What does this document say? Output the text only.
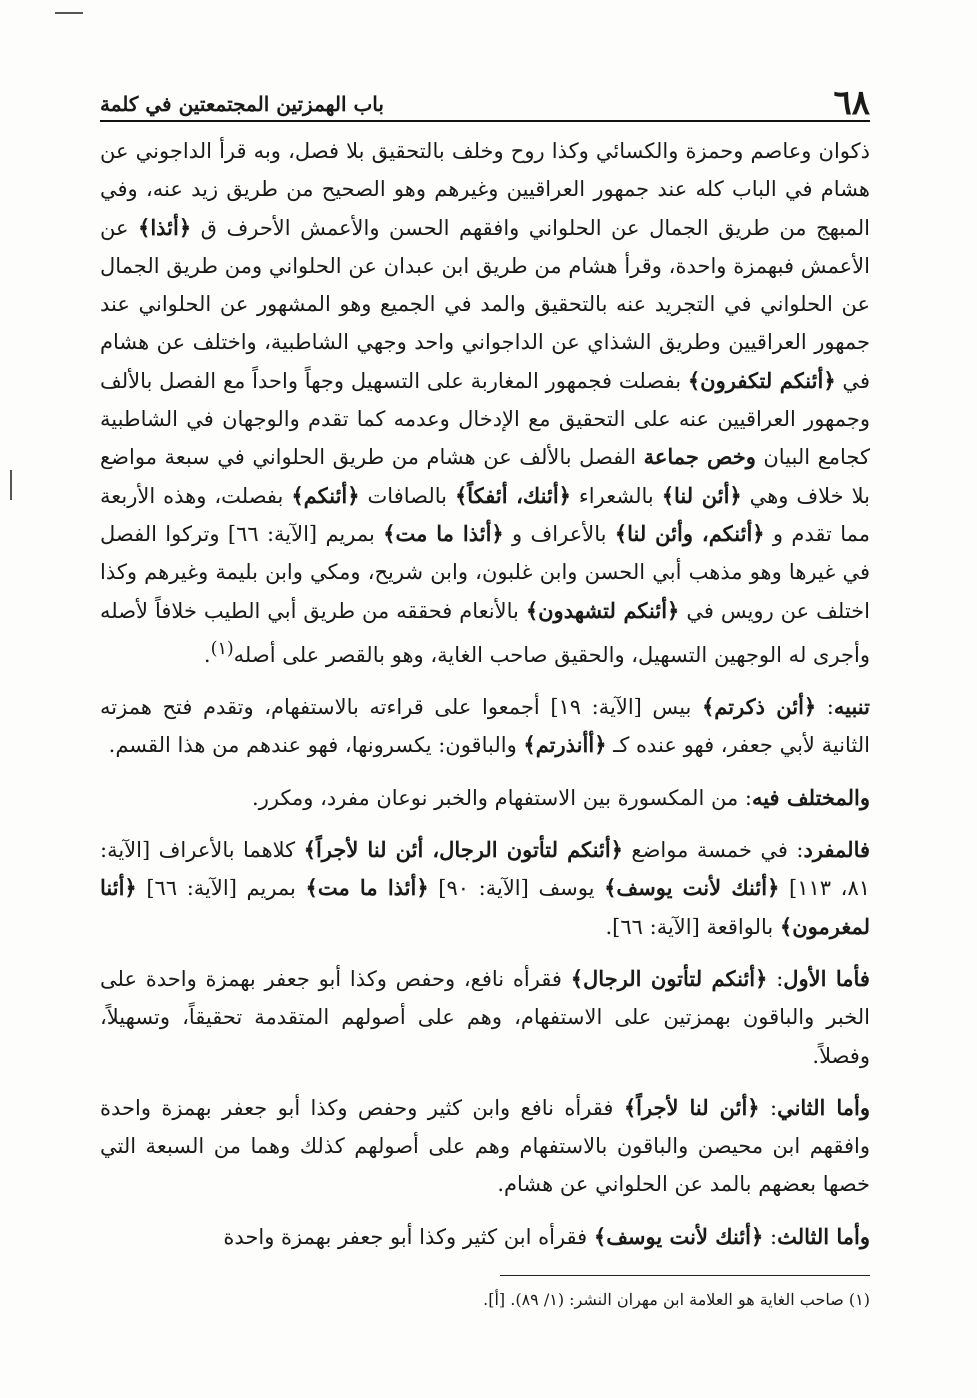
٦٨
باب الهمزتين المجتمعتين في كلمة

ذكوان وعاصم وحمزة والكسائي وكذا روح وخلف بالتحقيق بلا فصل، وبه قرأ الداجوني عن هشام في الباب كله عند جمهور العراقيين وغيرهم وهو الصحيح من طريق زيد عنه، وفي المبهج من طريق الجمال عن الحلواني وافقهم الحسن والأعمش الأحرف ق ﴿أئذا﴾ عن الأعمش فبهمزة واحدة، وقرأ هشام من طريق ابن عبدان عن الحلواني ومن طريق الجمال عن الحلواني في التجريد عنه بالتحقيق والمد في الجميع وهو المشهور عن الحلواني عند جمهور العراقيين وطريق الشذاي عن الداجواني واحد وجهي الشاطبية، واختلف عن هشام في ﴿أئنكم لتكفرون﴾ بفصلت فجمهور المغاربة على التسهيل وجهاً واحداً مع الفصل بالألف وجمهور العراقيين عنه على التحقيق مع الإدخال وعدمه كما تقدم والوجهان في الشاطبية كجامع البيان وخص جماعة الفصل بالألف عن هشام من طريق الحلواني في سبعة مواضع بلا خلاف وهي ﴿أئن لنا﴾ بالشعراء ﴿أئنك، أئفكاً﴾ بالصافات ﴿أئنكم﴾ بفصلت، وهذه الأربعة مما تقدم و ﴿أئنكم، وأئن لنا﴾ بالأعراف و ﴿أئذا ما مت﴾ بمريم [الآية: ٦٦] وتركوا الفصل في غيرها وهو مذهب أبي الحسن وابن غلبون، وابن شريح، ومكي وابن بليمة وغيرهم وكذا اختلف عن رويس في ﴿أئنكم لتشهدون﴾ بالأنعام فحققه من طريق أبي الطيب خلافاً لأصله وأجرى له الوجهين التسهيل، والحقيق صاحب الغاية، وهو بالقصر على أصله$^{(١)}$.

تنبيه: ﴿أئن ذكرتم﴾ بيس [الآية: ١٩] أجمعوا على قراءته بالاستفهام، وتقدم فتح همزته الثانية لأبي جعفر، فهو عنده كـ ﴿أأنذرتم﴾ والباقون: يكسرونها، فهو عندهم من هذا القسم.

والمختلف فيه: من المكسورة بين الاستفهام والخبر نوعان مفرد، ومكرر.

فالمفرد: في خمسة مواضع ﴿أئنكم لتأتون الرجال، أئن لنا لأجراً﴾ كلاهما بالأعراف [الآية: ٨١، ١١٣] ﴿أئنك لأنت يوسف﴾ يوسف [الآية: ٩٠] ﴿أئذا ما مت﴾ بمريم [الآية: ٦٦] ﴿أئنا لمغرمون﴾ بالواقعة [الآية: ٦٦].

فأما الأول: ﴿أئنكم لتأتون الرجال﴾ فقرأه نافع، وحفص وكذا أبو جعفر بهمزة واحدة على الخبر والباقون بهمزتين على الاستفهام، وهم على أصولهم المتقدمة تحقيقاً، وتسهيلاً، وفصلاً.

وأما الثاني: ﴿أئن لنا لأجراً﴾ فقرأه نافع وابن كثير وحفص وكذا أبو جعفر بهمزة واحدة وافقهم ابن محيصن والباقون بالاستفهام وهم على أصولهم كذلك وهما من السبعة التي خصها بعضهم بالمد عن الحلواني عن هشام.

وأما الثالث: ﴿أئنك لأنت يوسف﴾ فقرأه ابن كثير وكذا أبو جعفر بهمزة واحدة

(١) صاحب الغاية هو العلامة ابن مهران النشر: (١/ ٨٩). [أ].
